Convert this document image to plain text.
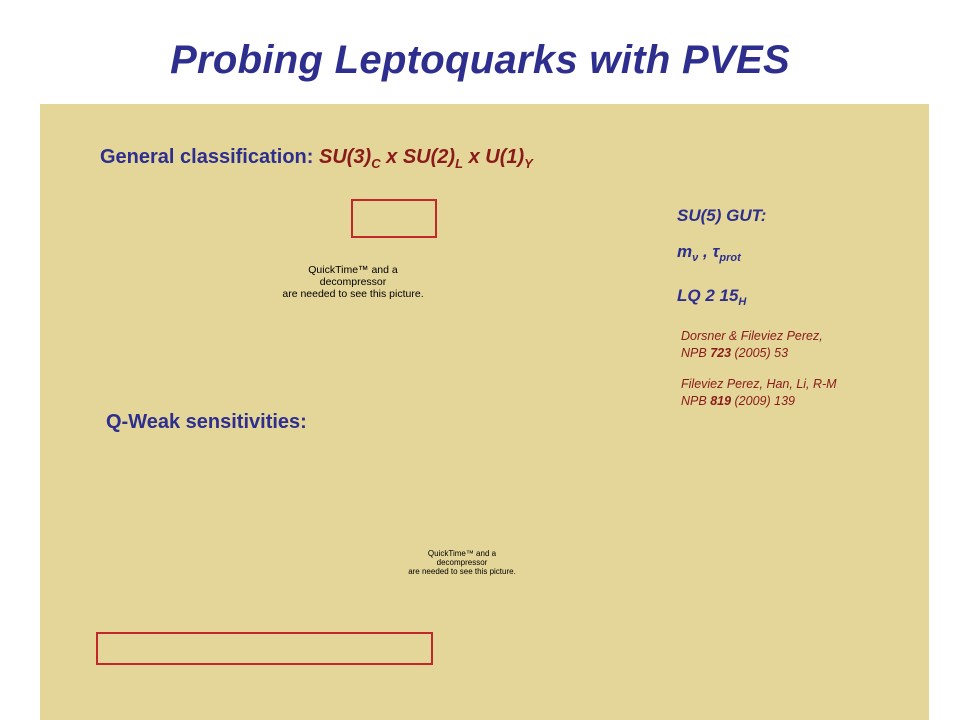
Probing Leptoquarks with PVES
General classification: $SU(3)_C$ x $SU(2)_L$ x $U(1)_Y$
QuickTime™ and a
decompressor
are needed to see this picture.
SU(5) GUT:
$m_\nu$ , $\tau_{prot}$
LQ 2 $15_H$
Dorsner & Fileviez Perez,
NPB 723 (2005) 53
Fileviez Perez, Han, Li, R-M
NPB 819 (2009) 139
Q-Weak sensitivities:
QuickTime™ and a
decompressor
are needed to see this picture.
